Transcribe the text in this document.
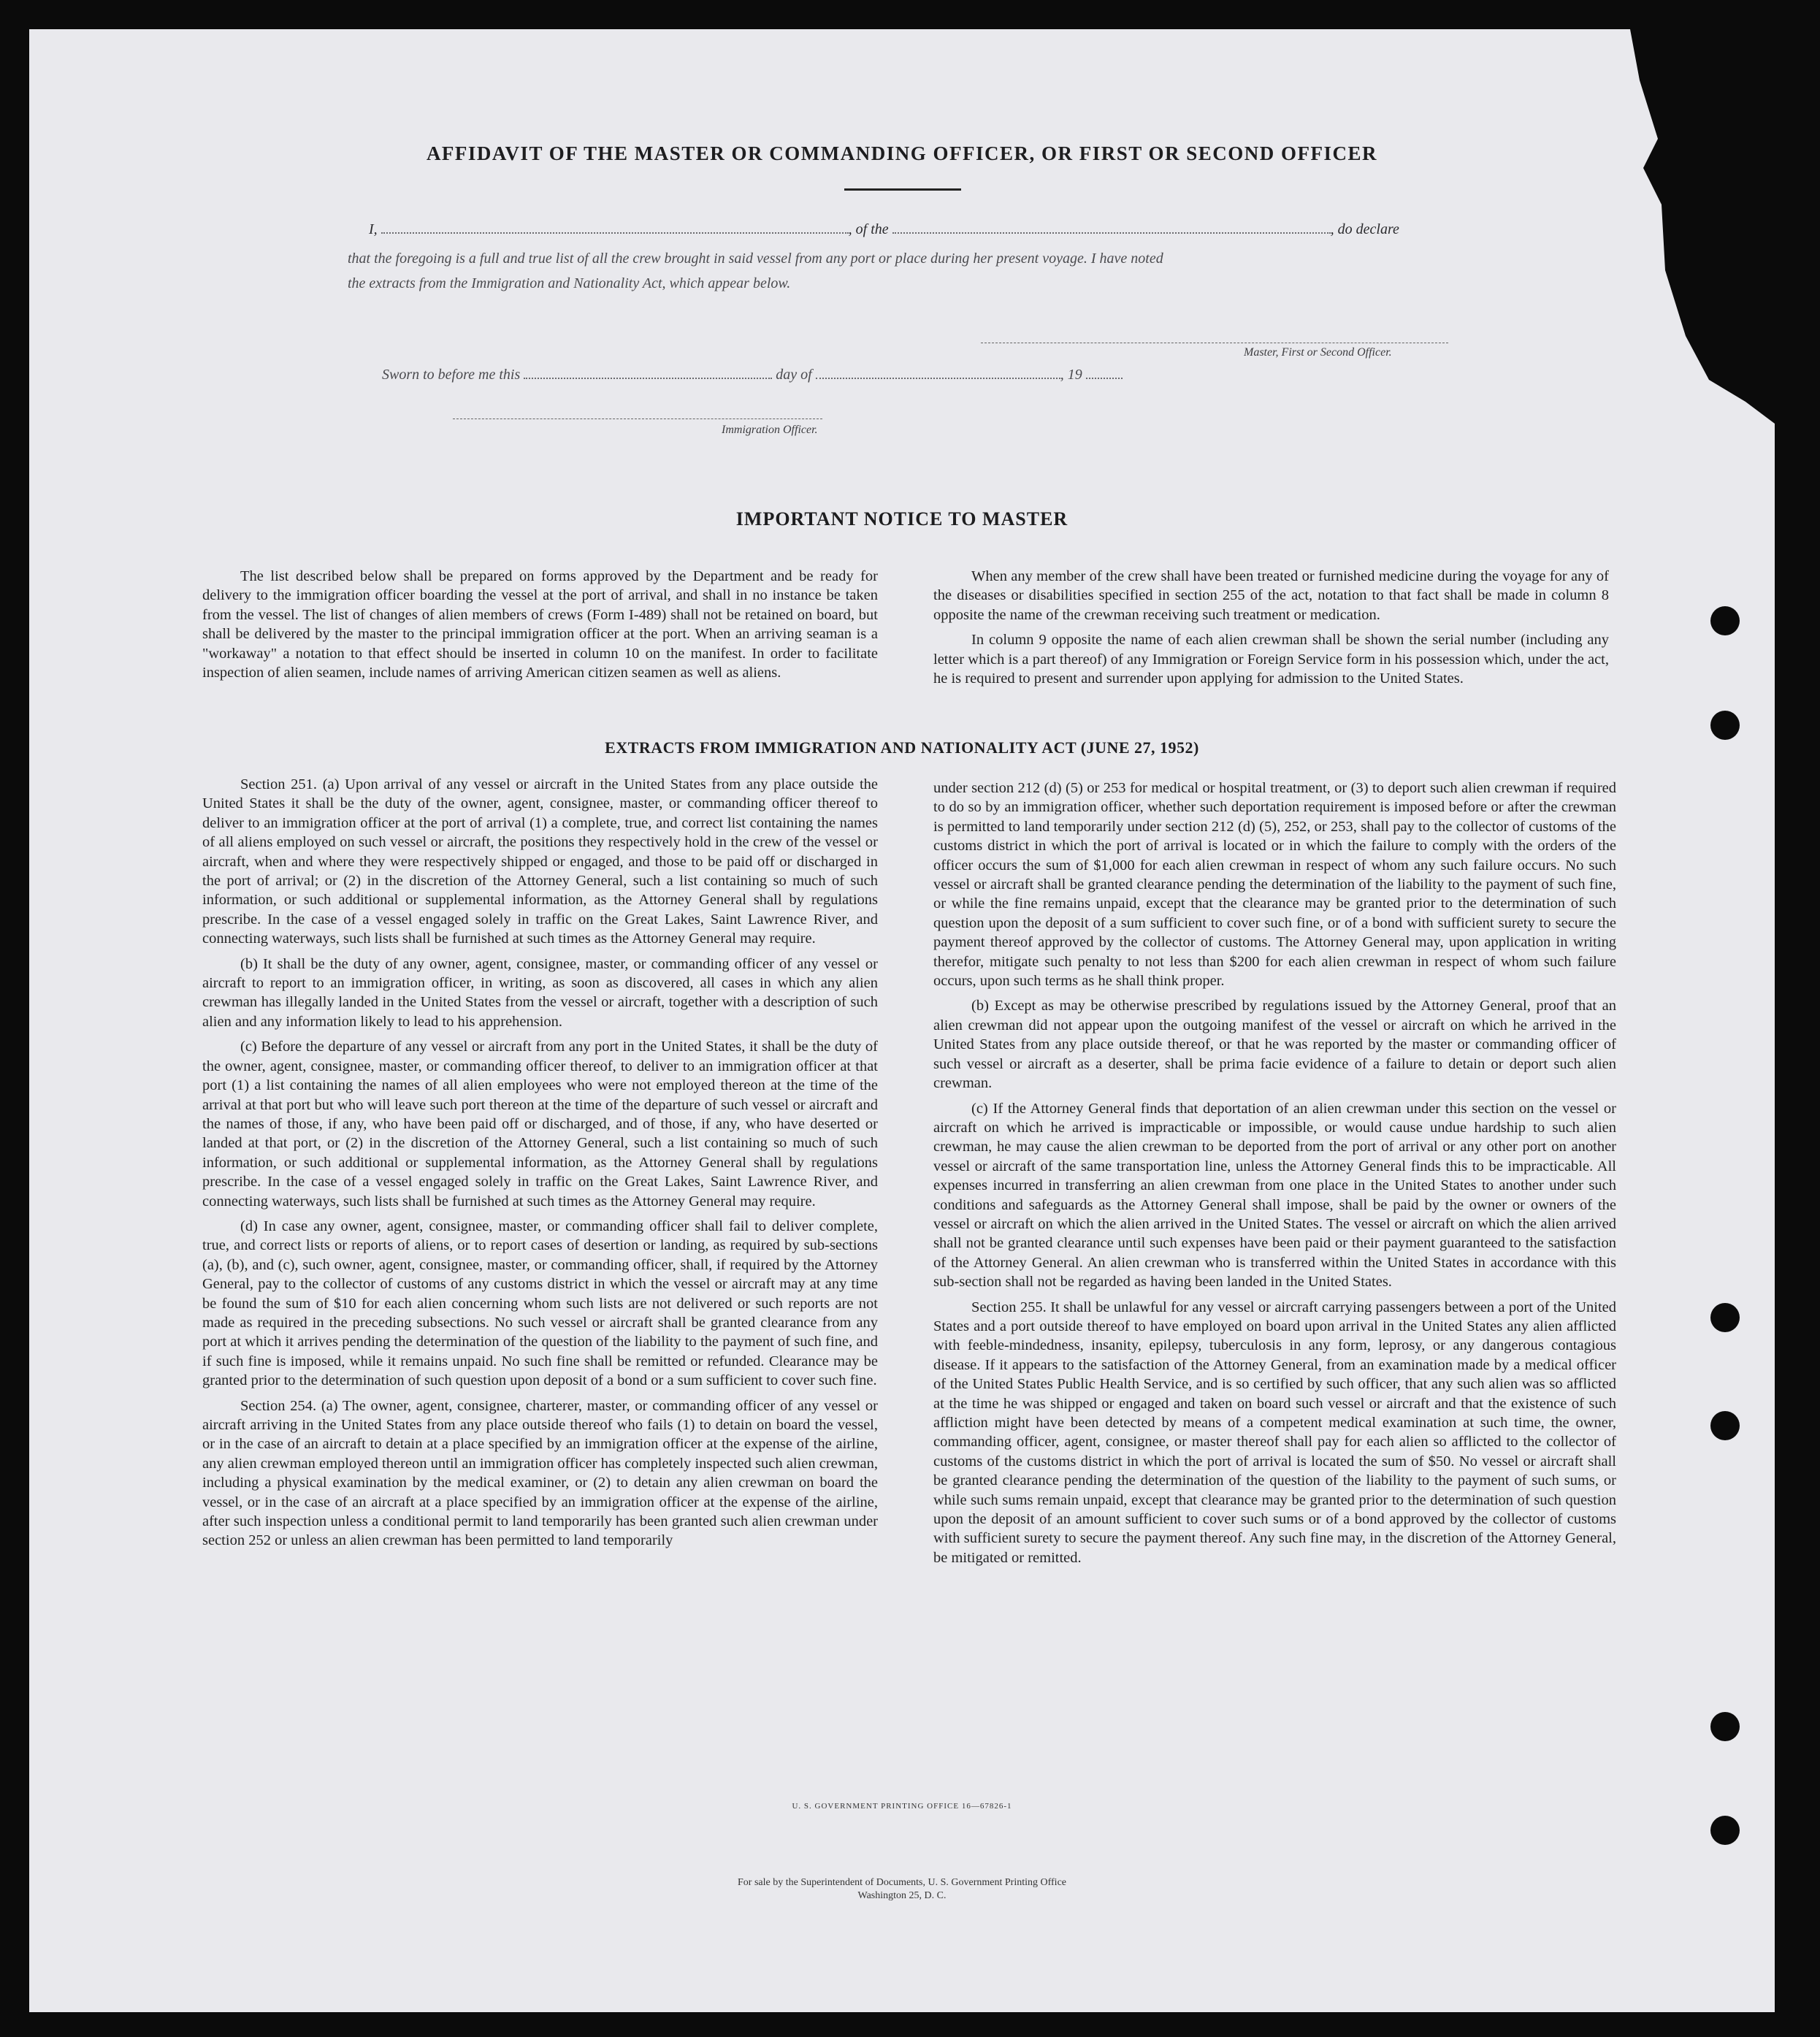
AFFIDAVIT OF THE MASTER OR COMMANDING OFFICER, OR FIRST OR SECOND OFFICER
I,	, of the	, do declare
that the foregoing is a full and true list of all the crew brought in said vessel from any port or place during her present voyage. I have noted
the extracts from the Immigration and Nationality Act, which appear below.
Master, First or Second Officer.
Sworn to before me this	day of	, 19
Immigration Officer.
IMPORTANT NOTICE TO MASTER

The list described below shall be prepared on forms approved by the Department and be ready for delivery to the immigration officer boarding the vessel at the port of arrival, and shall in no instance be taken from the vessel. The list of changes of alien members of crews (Form I-489) shall not be retained on board, but shall be delivered by the master to the principal immigration officer at the port. When an arriving seaman is a "workaway" a notation to that effect should be inserted in column 10 on the manifest. In order to facilitate inspection of alien seamen, include names of arriving American citizen seamen as well as aliens.

When any member of the crew shall have been treated or furnished medicine during the voyage for any of the diseases or disabilities specified in section 255 of the act, notation to that fact shall be made in column 8 opposite the name of the crewman receiving such treatment or medication.

In column 9 opposite the name of each alien crewman shall be shown the serial number (including any letter which is a part thereof) of any Immigration or Foreign Service form in his possession which, under the act, he is required to present and surrender upon applying for admission to the United States.

EXTRACTS FROM IMMIGRATION AND NATIONALITY ACT (JUNE 27, 1952)

Section 251. (a) Upon arrival of any vessel or aircraft in the United States from any place outside the United States it shall be the duty of the owner, agent, consignee, master, or commanding officer thereof to deliver to an immigration officer at the port of arrival (1) a complete, true, and correct list containing the names of all aliens employed on such vessel or aircraft, the positions they respectively hold in the crew of the vessel or aircraft, when and where they were respectively shipped or engaged, and those to be paid off or discharged in the port of arrival; or (2) in the discretion of the Attorney General, such a list containing so much of such information, or such additional or supplemental information, as the Attorney General shall by regulations prescribe. In the case of a vessel engaged solely in traffic on the Great Lakes, Saint Lawrence River, and connecting waterways, such lists shall be furnished at such times as the Attorney General may require.

(b) It shall be the duty of any owner, agent, consignee, master, or commanding officer of any vessel or aircraft to report to an immigration officer, in writing, as soon as discovered, all cases in which any alien crewman has illegally landed in the United States from the vessel or aircraft, together with a description of such alien and any information likely to lead to his apprehension.

(c) Before the departure of any vessel or aircraft from any port in the United States, it shall be the duty of the owner, agent, consignee, master, or commanding officer thereof, to deliver to an immigration officer at that port (1) a list containing the names of all alien employees who were not employed thereon at the time of the arrival at that port but who will leave such port thereon at the time of the departure of such vessel or aircraft and the names of those, if any, who have been paid off or discharged, and of those, if any, who have deserted or landed at that port, or (2) in the discretion of the Attorney General, such a list containing so much of such information, or such additional or supplemental information, as the Attorney General shall by regulations prescribe. In the case of a vessel engaged solely in traffic on the Great Lakes, Saint Lawrence River, and connecting waterways, such lists shall be furnished at such times as the Attorney General may require.

(d) In case any owner, agent, consignee, master, or commanding officer shall fail to deliver complete, true, and correct lists or reports of aliens, or to report cases of desertion or landing, as required by sub-sections (a), (b), and (c), such owner, agent, consignee, master, or commanding officer, shall, if required by the Attorney General, pay to the collector of customs of any customs district in which the vessel or aircraft may at any time be found the sum of $10 for each alien concerning whom such lists are not delivered or such reports are not made as required in the preceding subsections. No such vessel or aircraft shall be granted clearance from any port at which it arrives pending the determination of the question of the liability to the payment of such fine, and if such fine is imposed, while it remains unpaid. No such fine shall be remitted or refunded. Clearance may be granted prior to the determination of such question upon deposit of a bond or a sum sufficient to cover such fine.

Section 254. (a) The owner, agent, consignee, charterer, master, or commanding officer of any vessel or aircraft arriving in the United States from any place outside thereof who fails (1) to detain on board the vessel, or in the case of an aircraft to detain at a place specified by an immigration officer at the expense of the airline, any alien crewman employed thereon until an immigration officer has completely inspected such alien crewman, including a physical examination by the medical examiner, or (2) to detain any alien crewman on board the vessel, or in the case of an aircraft at a place specified by an immigration officer at the expense of the airline, after such inspection unless a conditional permit to land temporarily has been granted such alien crewman under section 252 or unless an alien crewman has been permitted to land temporarily

under section 212 (d) (5) or 253 for medical or hospital treatment, or (3) to deport such alien crewman if required to do so by an immigration officer, whether such deportation requirement is imposed before or after the crewman is permitted to land temporarily under section 212 (d) (5), 252, or 253, shall pay to the collector of customs of the customs district in which the port of arrival is located or in which the failure to comply with the orders of the officer occurs the sum of $1,000 for each alien crewman in respect of whom any such failure occurs. No such vessel or aircraft shall be granted clearance pending the determination of the liability to the payment of such fine, or while the fine remains unpaid, except that the clearance may be granted prior to the determination of such question upon the deposit of a sum sufficient to cover such fine, or of a bond with sufficient surety to secure the payment thereof approved by the collector of customs. The Attorney General may, upon application in writing therefor, mitigate such penalty to not less than $200 for each alien crewman in respect of whom such failure occurs, upon such terms as he shall think proper.

(b) Except as may be otherwise prescribed by regulations issued by the Attorney General, proof that an alien crewman did not appear upon the outgoing manifest of the vessel or aircraft on which he arrived in the United States from any place outside thereof, or that he was reported by the master or commanding officer of such vessel or aircraft as a deserter, shall be prima facie evidence of a failure to detain or deport such alien crewman.

(c) If the Attorney General finds that deportation of an alien crewman under this section on the vessel or aircraft on which he arrived is impracticable or impossible, or would cause undue hardship to such alien crewman, he may cause the alien crewman to be deported from the port of arrival or any other port on another vessel or aircraft of the same transportation line, unless the Attorney General finds this to be impracticable. All expenses incurred in transferring an alien crewman from one place in the United States to another under such conditions and safeguards as the Attorney General shall impose, shall be paid by the owner or owners of the vessel or aircraft on which the alien arrived in the United States. The vessel or aircraft on which the alien arrived shall not be granted clearance until such expenses have been paid or their payment guaranteed to the satisfaction of the Attorney General. An alien crewman who is transferred within the United States in accordance with this sub-section shall not be regarded as having been landed in the United States.

Section 255. It shall be unlawful for any vessel or aircraft carrying passengers between a port of the United States and a port outside thereof to have employed on board upon arrival in the United States any alien afflicted with feeble-mindedness, insanity, epilepsy, tuberculosis in any form, leprosy, or any dangerous contagious disease. If it appears to the satisfaction of the Attorney General, from an examination made by a medical officer of the United States Public Health Service, and is so certified by such officer, that any such alien was so afflicted at the time he was shipped or engaged and taken on board such vessel or aircraft and that the existence of such affliction might have been detected by means of a competent medical examination at such time, the owner, commanding officer, agent, consignee, or master thereof shall pay for each alien so afflicted to the collector of customs of the customs district in which the port of arrival is located the sum of $50. No vessel or aircraft shall be granted clearance pending the determination of the question of the liability to the payment of such sums, or while such sums remain unpaid, except that clearance may be granted prior to the determination of such question upon the deposit of an amount sufficient to cover such sums or of a bond approved by the collector of customs with sufficient surety to secure the payment thereof. Any such fine may, in the discretion of the Attorney General, be mitigated or remitted.

U. S. GOVERNMENT PRINTING OFFICE 16—67826-1
For sale by the Superintendent of Documents, U. S. Government Printing Office
Washington 25, D. C.
